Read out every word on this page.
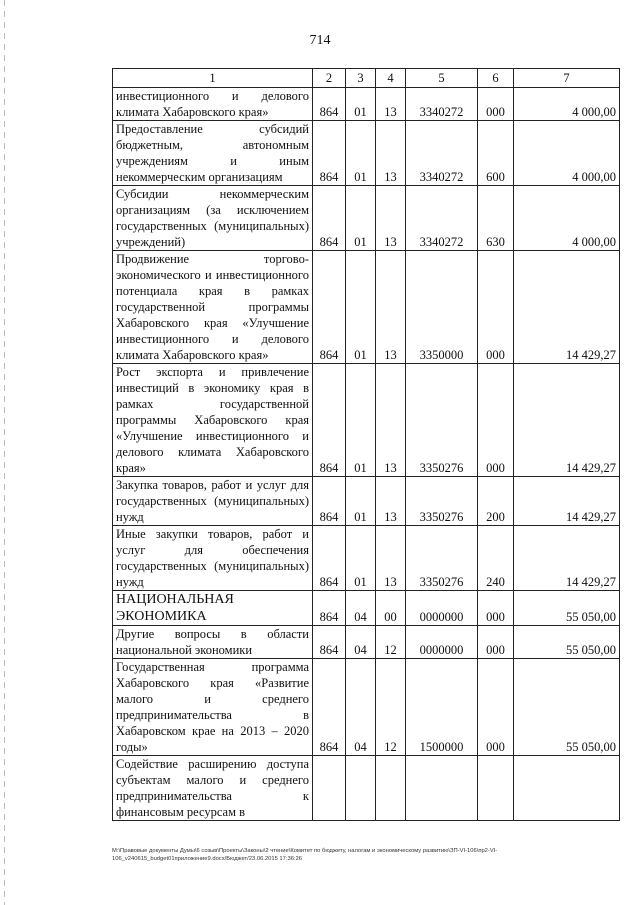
714
1	2	3	4	5	6	7
инвестиционного и делового климата Хабаровского края»	864	01	13	3340272	000	4 000,00
Предоставление субсидий бюджетным, автономным учреждениям и иным некоммерческим организациям	864	01	13	3340272	600	4 000,00
Субсидии некоммерческим организациям (за исключением государственных (муниципальных) учреждений)	864	01	13	3340272	630	4 000,00
Продвижение торгово-экономического и инвестиционного потенциала края в рамках государственной программы Хабаровского края «Улучшение инвестиционного и делового климата Хабаровского края»	864	01	13	3350000	000	14 429,27
Рост экспорта и привлечение инвестиций в экономику края в рамках государственной программы Хабаровского края «Улучшение инвестиционного и делового климата Хабаровского края»	864	01	13	3350276	000	14 429,27
Закупка товаров, работ и услуг для государственных (муниципальных) нужд	864	01	13	3350276	200	14 429,27
Иные закупки товаров, работ и услуг для обеспечения государственных (муниципальных) нужд	864	01	13	3350276	240	14 429,27
НАЦИОНАЛЬНАЯ ЭКОНОМИКА	864	04	00	0000000	000	55 050,00
Другие вопросы в области национальной экономики	864	04	12	0000000	000	55 050,00
Государственная программа Хабаровского края «Развитие малого и среднего предпринимательства в Хабаровском крае на 2013 – 2020 годы»	864	04	12	1500000	000	55 050,00
Содействие расширению доступа субъектам малого и среднего предпринимательства к финансовым ресурсам в						
М:\Правовые документы Думы\6 созыв\Проекты\Законы\2 чтение\Комитет по бюджету, налогам и экономическому развитию\ЗП-VI-106\пр2-VI-
106_v240615_budget01приложение9.docx/Бюджет/23.06.2015 17:36:26
